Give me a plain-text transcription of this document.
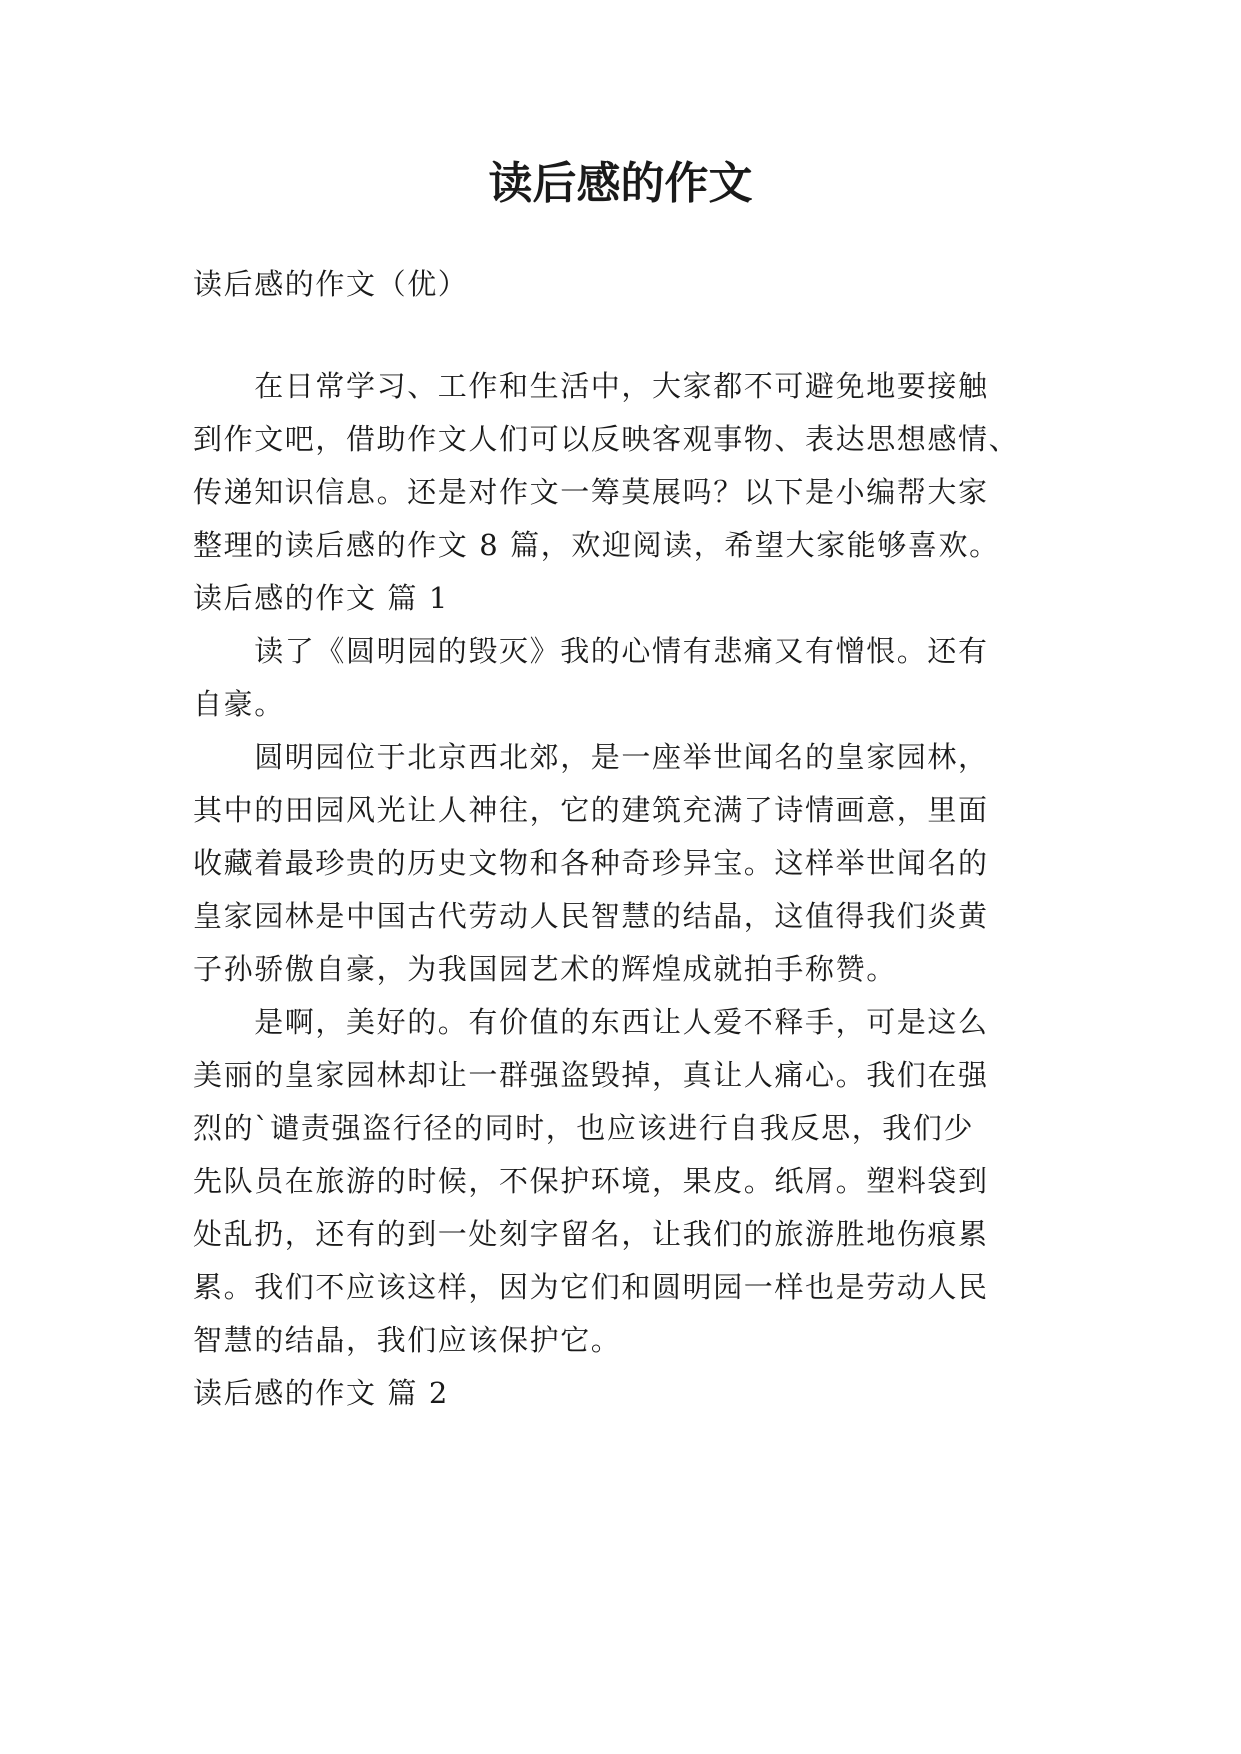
读后感的作文
读后感的作文（优）
　　在日常学习、工作和生活中，大家都不可避免地要接触
到作文吧，借助作文人们可以反映客观事物、表达思想感情、
传递知识信息。还是对作文一筹莫展吗？以下是小编帮大家
整理的读后感的作文 8 篇，欢迎阅读，希望大家能够喜欢。
读后感的作文 篇 1
　　读了《圆明园的毁灭》我的心情有悲痛又有憎恨。还有
自豪。
　　圆明园位于北京西北郊，是一座举世闻名的皇家园林，
其中的田园风光让人神往，它的建筑充满了诗情画意，里面
收藏着最珍贵的历史文物和各种奇珍异宝。这样举世闻名的
皇家园林是中国古代劳动人民智慧的结晶，这值得我们炎黄
子孙骄傲自豪，为我国园艺术的辉煌成就拍手称赞。
　　是啊，美好的。有价值的东西让人爱不释手，可是这么
美丽的皇家园林却让一群强盗毁掉，真让人痛心。我们在强
烈的`谴责强盗行径的同时，也应该进行自我反思，我们少
先队员在旅游的时候，不保护环境，果皮。纸屑。塑料袋到
处乱扔，还有的到一处刻字留名，让我们的旅游胜地伤痕累
累。我们不应该这样，因为它们和圆明园一样也是劳动人民
智慧的结晶，我们应该保护它。
读后感的作文 篇 2
